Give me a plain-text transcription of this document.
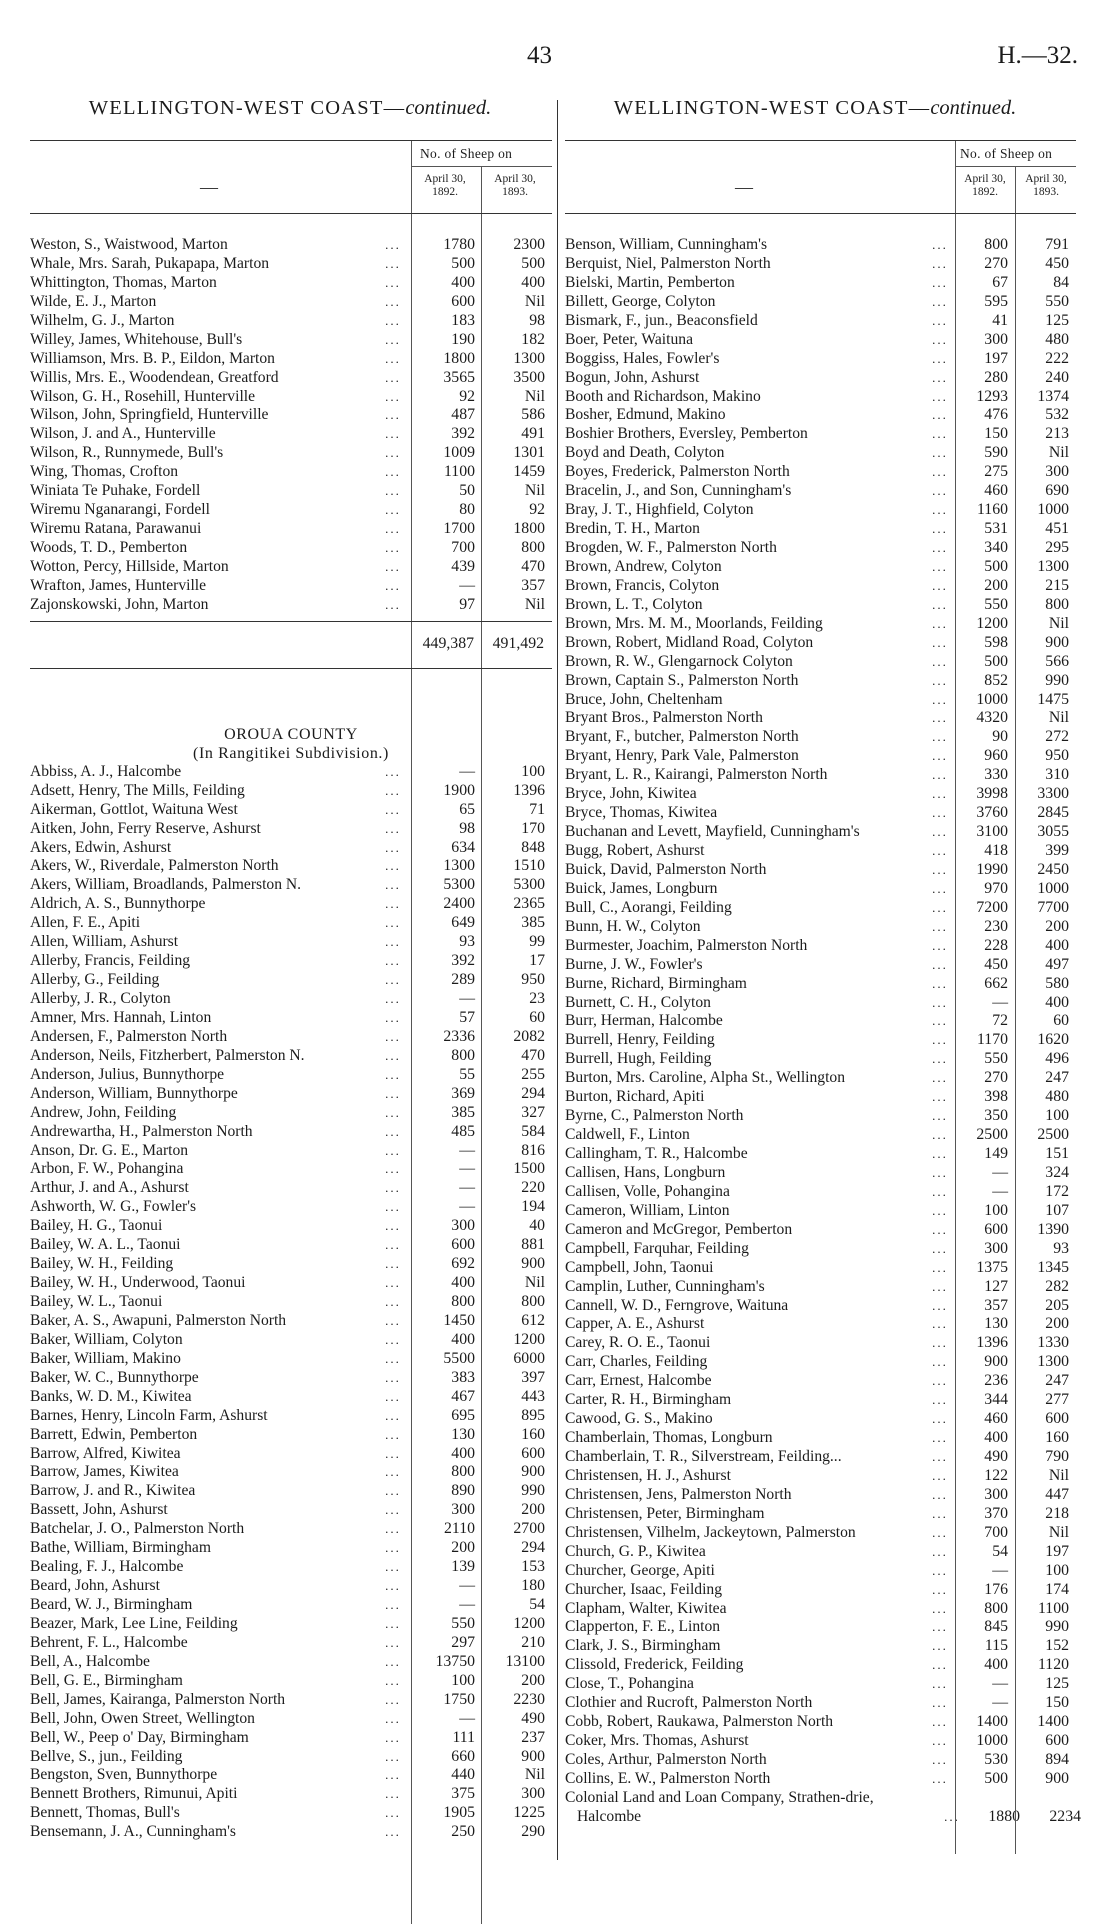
43	H.—32.
WELLINGTON-WEST COAST—continued.	WELLINGTON-WEST COAST—continued.
—
No. of Sheep on
April 30, 1892.
April 30, 1893.
Weston, S., Waistwood, Marton	...	1780	2300
Whale, Mrs. Sarah, Pukapapa, Marton	...	500	500
Whittington, Thomas, Marton	...	400	400
Wilde, E. J., Marton	...	600	Nil
Wilhelm, G. J., Marton	...	183	98
Willey, James, Whitehouse, Bull's	...	190	182
Williamson, Mrs. B. P., Eildon, Marton	...	1800	1300
Willis, Mrs. E., Woodendean, Greatford	...	3565	3500
Wilson, G. H., Rosehill, Hunterville	...	92	Nil
Wilson, John, Springfield, Hunterville	...	487	586
Wilson, J. and A., Hunterville	...	392	491
Wilson, R., Runnymede, Bull's	...	1009	1301
Wing, Thomas, Crofton	...	1100	1459
Winiata Te Puhake, Fordell	...	50	Nil
Wiremu Nganarangi, Fordell	...	80	92
Wiremu Ratana, Parawanui	...	1700	1800
Woods, T. D., Pemberton	...	700	800
Wotton, Percy, Hillside, Marton	...	439	470
Wrafton, James, Hunterville	...	—	357
Zajonskowski, John, Marton	...	97	Nil
449,387	491,492
OROUA COUNTY
(In Rangitikei Subdivision.)
Abbiss, A. J., Halcombe	...	—	100
Adsett, Henry, The Mills, Feilding	...	1900	1396
Aikerman, Gottlot, Waituna West	...	65	71
Aitken, John, Ferry Reserve, Ashurst	...	98	170
Akers, Edwin, Ashurst	...	634	848
Akers, W., Riverdale, Palmerston North	...	1300	1510
Akers, William, Broadlands, Palmerston N.	...	5300	5300
Aldrich, A. S., Bunnythorpe	...	2400	2365
Allen, F. E., Apiti	...	649	385
Allen, William, Ashurst	...	93	99
Allerby, Francis, Feilding	...	392	17
Allerby, G., Feilding	...	289	950
Allerby, J. R., Colyton	...	—	23
Amner, Mrs. Hannah, Linton	...	57	60
Andersen, F., Palmerston North	...	2336	2082
Anderson, Neils, Fitzherbert, Palmerston N.	...	800	470
Anderson, Julius, Bunnythorpe	...	55	255
Anderson, William, Bunnythorpe	...	369	294
Andrew, John, Feilding	...	385	327
Andrewartha, H., Palmerston North	...	485	584
Anson, Dr. G. E., Marton	...	—	816
Arbon, F. W., Pohangina	...	—	1500
Arthur, J. and A., Ashurst	...	—	220
Ashworth, W. G., Fowler's	...	—	194
Bailey, H. G., Taonui	...	300	40
Bailey, W. A. L., Taonui	...	600	881
Bailey, W. H., Feilding	...	692	900
Bailey, W. H., Underwood, Taonui	...	400	Nil
Bailey, W. L., Taonui	...	800	800
Baker, A. S., Awapuni, Palmerston North	...	1450	612
Baker, William, Colyton	...	400	1200
Baker, William, Makino	...	5500	6000
Baker, W. C., Bunnythorpe	...	383	397
Banks, W. D. M., Kiwitea	...	467	443
Barnes, Henry, Lincoln Farm, Ashurst	...	695	895
Barrett, Edwin, Pemberton	...	130	160
Barrow, Alfred, Kiwitea	...	400	600
Barrow, James, Kiwitea	...	800	900
Barrow, J. and R., Kiwitea	...	890	990
Bassett, John, Ashurst	...	300	200
Batchelar, J. O., Palmerston North	...	2110	2700
Bathe, William, Birmingham	...	200	294
Bealing, F. J., Halcombe	...	139	153
Beard, John, Ashurst	...	—	180
Beard, W. J., Birmingham	...	—	54
Beazer, Mark, Lee Line, Feilding	...	550	1200
Behrent, F. L., Halcombe	...	297	210
Bell, A., Halcombe	...	13750	13100
Bell, G. E., Birmingham	...	100	200
Bell, James, Kairanga, Palmerston North	...	1750	2230
Bell, John, Owen Street, Wellington	...	—	490
Bell, W., Peep o' Day, Birmingham	...	111	237
Bellve, S., jun., Feilding	...	660	900
Bengston, Sven, Bunnythorpe	...	440	Nil
Bennett Brothers, Rimunui, Apiti	...	375	300
Bennett, Thomas, Bull's	...	1905	1225
Bensemann, J. A., Cunningham's	...	250	290
—
No. of Sheep on
April 30, 1892.
April 30, 1893.
Benson, William, Cunningham's	...	800	791
Berquist, Niel, Palmerston North	...	270	450
Bielski, Martin, Pemberton	...	67	84
Billett, George, Colyton	...	595	550
Bismark, F., jun., Beaconsfield	...	41	125
Boer, Peter, Waituna	...	300	480
Boggiss, Hales, Fowler's	...	197	222
Bogun, John, Ashurst	...	280	240
Booth and Richardson, Makino	...	1293	1374
Bosher, Edmund, Makino	...	476	532
Boshier Brothers, Eversley, Pemberton	...	150	213
Boyd and Death, Colyton	...	590	Nil
Boyes, Frederick, Palmerston North	...	275	300
Bracelin, J., and Son, Cunningham's	...	460	690
Bray, J. T., Highfield, Colyton	...	1160	1000
Bredin, T. H., Marton	...	531	451
Brogden, W. F., Palmerston North	...	340	295
Brown, Andrew, Colyton	...	500	1300
Brown, Francis, Colyton	...	200	215
Brown, L. T., Colyton	...	550	800
Brown, Mrs. M. M., Moorlands, Feilding	...	1200	Nil
Brown, Robert, Midland Road, Colyton	...	598	900
Brown, R. W., Glengarnock Colyton	...	500	566
Brown, Captain S., Palmerston North	...	852	990
Bruce, John, Cheltenham	...	1000	1475
Bryant Bros., Palmerston North	...	4320	Nil
Bryant, F., butcher, Palmerston North	...	90	272
Bryant, Henry, Park Vale, Palmerston	...	960	950
Bryant, L. R., Kairangi, Palmerston North	...	330	310
Bryce, John, Kiwitea	...	3998	3300
Bryce, Thomas, Kiwitea	...	3760	2845
Buchanan and Levett, Mayfield, Cunningham's	...	3100	3055
Bugg, Robert, Ashurst	...	418	399
Buick, David, Palmerston North	...	1990	2450
Buick, James, Longburn	...	970	1000
Bull, C., Aorangi, Feilding	...	7200	7700
Bunn, H. W., Colyton	...	230	200
Burmester, Joachim, Palmerston North	...	228	400
Burne, J. W., Fowler's	...	450	497
Burne, Richard, Birmingham	...	662	580
Burnett, C. H., Colyton	...	—	400
Burr, Herman, Halcombe	...	72	60
Burrell, Henry, Feilding	...	1170	1620
Burrell, Hugh, Feilding	...	550	496
Burton, Mrs. Caroline, Alpha St., Wellington	...	270	247
Burton, Richard, Apiti	...	398	480
Byrne, C., Palmerston North	...	350	100
Caldwell, F., Linton	...	2500	2500
Callingham, T. R., Halcombe	...	149	151
Callisen, Hans, Longburn	...	—	324
Callisen, Volle, Pohangina	...	—	172
Cameron, William, Linton	...	100	107
Cameron and McGregor, Pemberton	...	600	1390
Campbell, Farquhar, Feilding	...	300	93
Campbell, John, Taonui	...	1375	1345
Camplin, Luther, Cunningham's	...	127	282
Cannell, W. D., Ferngrove, Waituna	...	357	205
Capper, A. E., Ashurst	...	130	200
Carey, R. O. E., Taonui	...	1396	1330
Carr, Charles, Feilding	...	900	1300
Carr, Ernest, Halcombe	...	236	247
Carter, R. H., Birmingham	...	344	277
Cawood, G. S., Makino	...	460	600
Chamberlain, Thomas, Longburn	...	400	160
Chamberlain, T. R., Silverstream, Feilding...	...	490	790
Christensen, H. J., Ashurst	...	122	Nil
Christensen, Jens, Palmerston North	...	300	447
Christensen, Peter, Birmingham	...	370	218
Christensen, Vilhelm, Jackeytown, Palmerston	...	700	Nil
Church, G. P., Kiwitea	...	54	197
Churcher, George, Apiti	...	—	100
Churcher, Isaac, Feilding	...	176	174
Clapham, Walter, Kiwitea	...	800	1100
Clapperton, F. E., Linton	...	845	990
Clark, J. S., Birmingham	...	115	152
Clissold, Frederick, Feilding	...	400	1120
Close, T., Pohangina	...	—	125
Clothier and Rucroft, Palmerston North	...	—	150
Cobb, Robert, Raukawa, Palmerston North	...	1400	1400
Coker, Mrs. Thomas, Ashurst	...	1000	600
Coles, Arthur, Palmerston North	...	530	894
Collins, E. W., Palmerston North	...	500	900
Colonial Land and Loan Company, Strathen-drie, Halcombe	...	1880	2234
